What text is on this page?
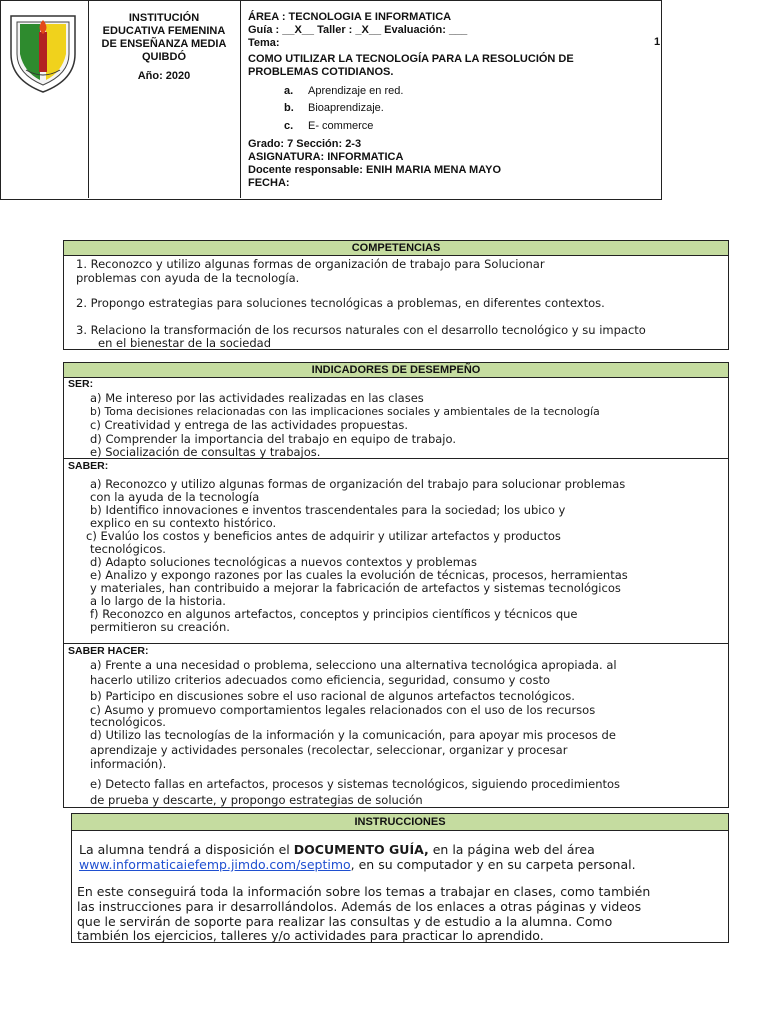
1
INSTITUCIÓN
EDUCATIVA FEMENINA
DE ENSEÑANZA MEDIA
QUIBDÓ
Año: 2020
ÁREA : TECNOLOGIA E INFORMATICA
Guía : __X__ Taller : _X__ Evaluación: ___
Tema:
COMO UTILIZAR LA TECNOLOGÍA PARA LA RESOLUCIÓN DE
PROBLEMAS COTIDIANOS.
a. Aprendizaje en red.
b. Bioaprendizaje.
c. E- commerce
Grado: 7 Sección: 2-3
ASIGNATURA: INFORMATICA
Docente responsable: ENIH MARIA MENA MAYO
FECHA:
COMPETENCIAS
1. Reconozco y utilizo algunas formas de organización de trabajo para Solucionar
problemas con ayuda de la tecnología.
2. Propongo estrategias para soluciones tecnológicas a problemas, en diferentes contextos.
3. Relaciono la transformación de los recursos naturales con el desarrollo tecnológico y su impacto
en el bienestar de la sociedad
INDICADORES DE DESEMPEÑO
SER:
a) Me intereso por las actividades realizadas en las clases
b) Toma decisiones relacionadas con las implicaciones sociales y ambientales de la tecnología
c) Creatividad y entrega de las actividades propuestas.
d) Comprender la importancia del trabajo en equipo de trabajo.
e) Socialización de consultas y trabajos.
SABER:
a) Reconozco y utilizo algunas formas de organización del trabajo para solucionar problemas
con la ayuda de la tecnología
b) Identifico innovaciones e inventos trascendentales para la sociedad; los ubico y
explico en su contexto histórico.
c) Evalúo los costos y beneficios antes de adquirir y utilizar artefactos y productos
tecnológicos.
d) Adapto soluciones tecnológicas a nuevos contextos y problemas
e) Analizo y expongo razones por las cuales la evolución de técnicas, procesos, herramientas
y materiales, han contribuido a mejorar la fabricación de artefactos y sistemas tecnológicos
a lo largo de la historia.
f) Reconozco en algunos artefactos, conceptos y principios científicos y técnicos que
permitieron su creación.
SABER HACER:
a) Frente a una necesidad o problema, selecciono una alternativa tecnológica apropiada. al
hacerlo utilizo criterios adecuados como eficiencia, seguridad, consumo y costo
b) Participo en discusiones sobre el uso racional de algunos artefactos tecnológicos.
c) Asumo y promuevo comportamientos legales relacionados con el uso de los recursos
tecnológicos.
d) Utilizo las tecnologías de la información y la comunicación, para apoyar mis procesos de
aprendizaje y actividades personales (recolectar, seleccionar, organizar y procesar
información).
e) Detecto fallas en artefactos, procesos y sistemas tecnológicos, siguiendo procedimientos
de prueba y descarte, y propongo estrategias de solución
INSTRUCCIONES
La alumna tendrá a disposición el DOCUMENTO GUÍA, en la página web del área
www.informaticaiefemp.jimdo.com/septimo, en su computador y en su carpeta personal.
En este conseguirá toda la información sobre los temas a trabajar en clases, como también
las instrucciones para ir desarrollándolos. Además de los enlaces a otras páginas y videos
que le servirán de soporte para realizar las consultas y de estudio a la alumna. Como
también los ejercicios, talleres y/o actividades para practicar lo aprendido.
